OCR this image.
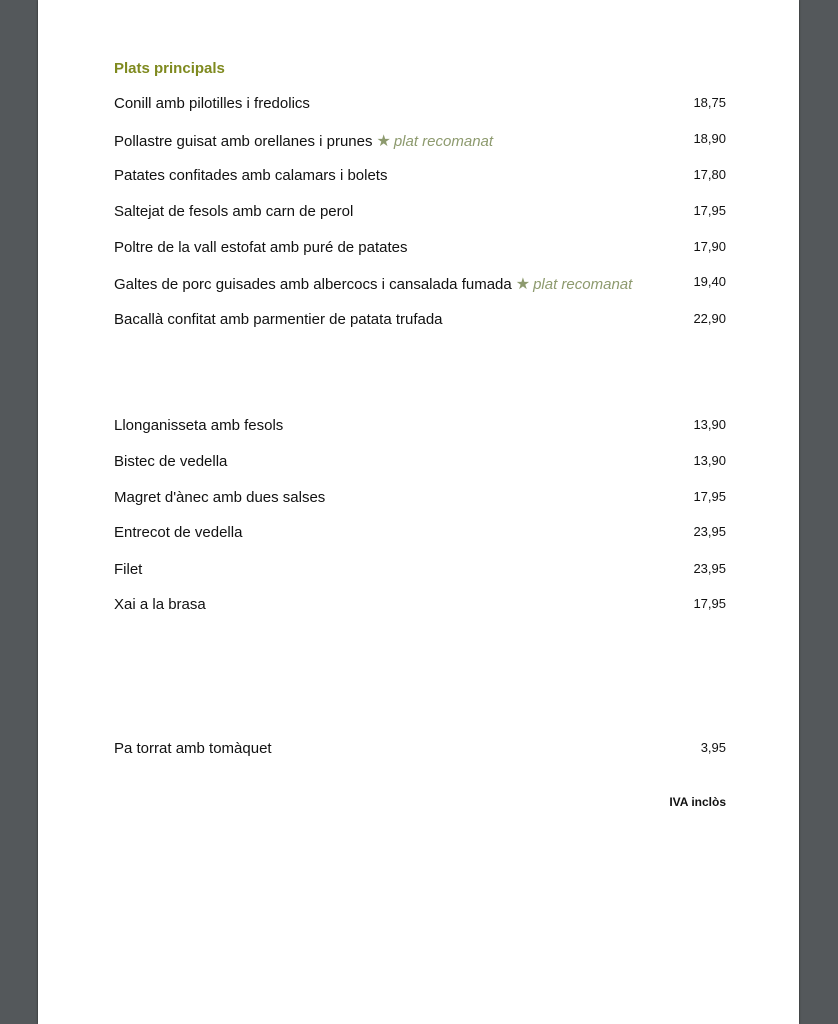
Plats principals
Conill amb pilotilles i fredolics	18,75
Pollastre guisat amb orellanes i prunes ★ plat recomanat	18,90
Patates confitades amb calamars i bolets	17,80
Saltejat de fesols amb carn de perol	17,95
Poltre de la vall estofat amb puré de patates	17,90
Galtes de porc guisades amb albercocs i cansalada fumada ★ plat recomanat	19,40
Bacallà confitat amb parmentier de patata trufada	22,90
Llonganisseta amb fesols	13,90
Bistec de vedella	13,90
Magret d'ànec amb dues salses	17,95
Entrecot de vedella	23,95
Filet	23,95
Xai a la brasa	17,95
Pa torrat amb tomàquet	3,95
IVA inclòs
